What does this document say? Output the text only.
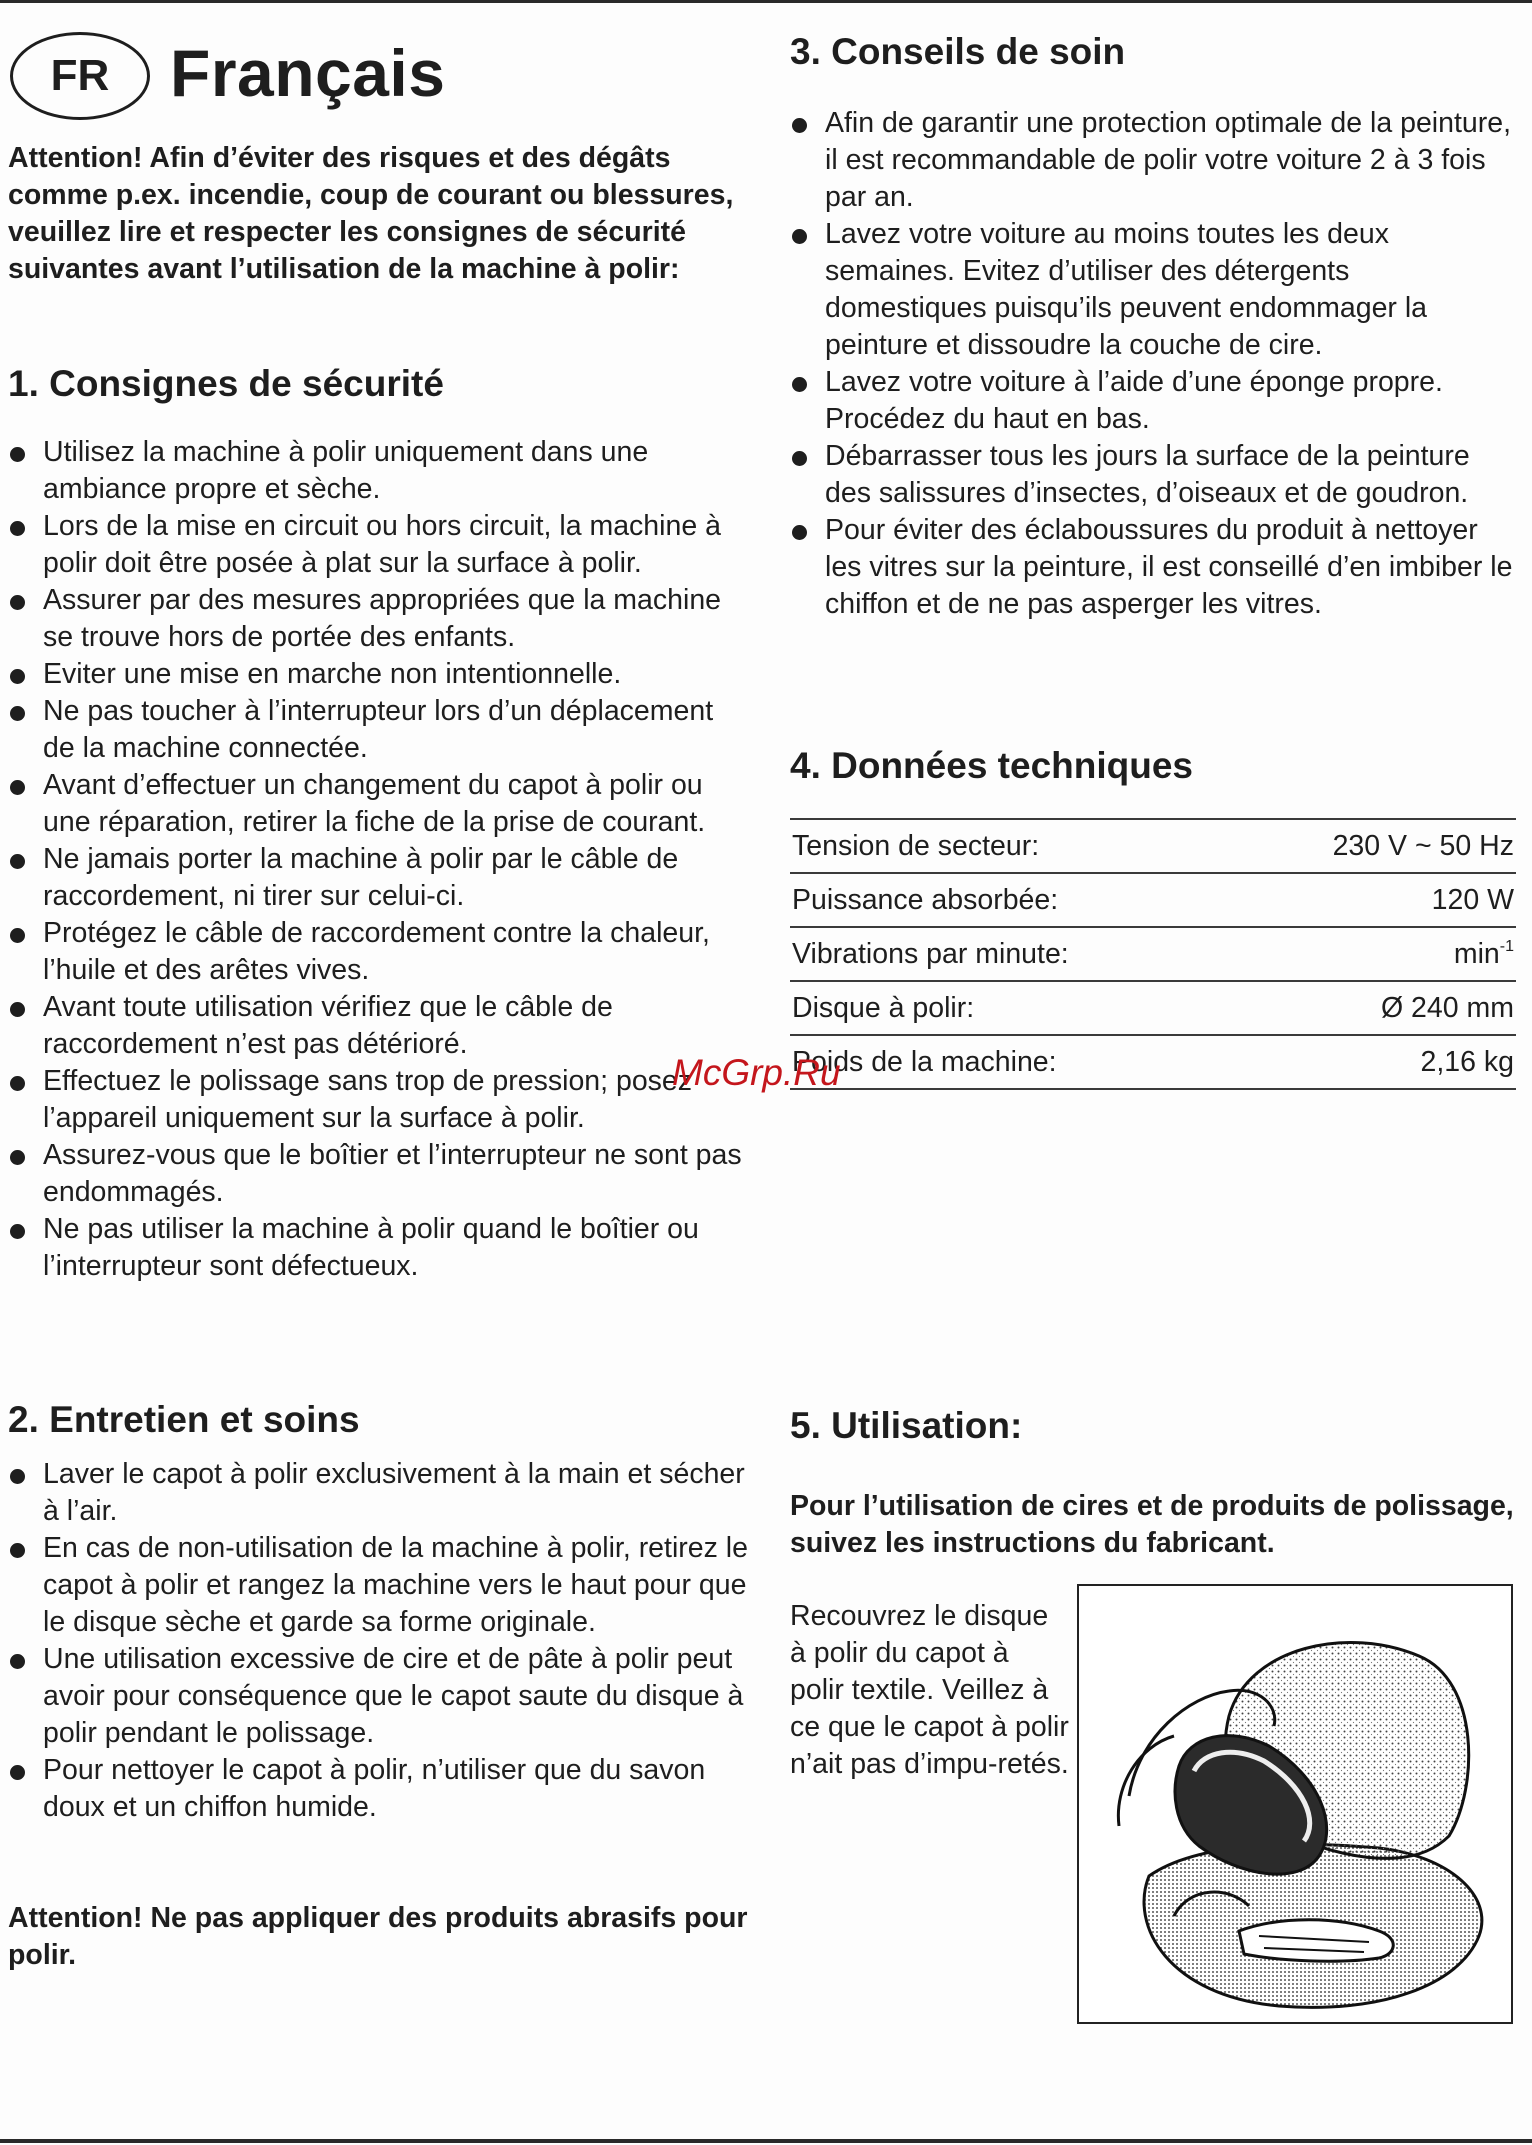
FR Français
Attention! Afin d’éviter des risques et des dégâts comme p.ex. incendie, coup de courant ou blessures, veuillez lire et respecter les consignes de sécurité suivantes avant l’utilisation de la machine à polir:
1. Consignes de sécurité
Utilisez la machine à polir uniquement dans une ambiance propre et sèche.
Lors de la mise en circuit ou hors circuit, la machine à polir doit être posée à plat sur la surface à polir.
Assurer par des mesures appropriées que la machine se trouve hors de portée des enfants.
Eviter une mise en marche non intentionnelle.
Ne pas toucher à l’interrupteur lors d’un déplacement de la machine connectée.
Avant d’effectuer un changement du capot à polir ou une réparation, retirer la fiche de la prise de courant.
Ne jamais porter la machine à polir par le câble de raccordement, ni tirer sur celui-ci.
Protégez le câble de raccordement contre la chaleur, l’huile et des arêtes vives.
Avant toute utilisation vérifiez que le câble de raccordement n’est pas détérioré.
Effectuez le polissage sans trop de pression; posez l’appareil uniquement sur la surface à polir.
Assurez-vous que le boîtier et l’interrupteur ne sont pas endommagés.
Ne pas utiliser la machine à polir quand le boîtier ou l’interrupteur sont défectueux.
2. Entretien et soins
Laver le capot à polir exclusivement à la main et sécher à l’air.
En cas de non-utilisation de la machine à polir, retirez le capot à polir et rangez la machine vers le haut pour que le disque sèche et garde sa forme originale.
Une utilisation excessive de cire et de pâte à polir peut avoir pour conséquence que le capot saute du disque à polir pendant le polissage.
Pour nettoyer le capot à polir, n’utiliser que du savon doux et un chiffon humide.
Attention! Ne pas appliquer des produits abrasifs pour polir.
3. Conseils de soin
Afin de garantir une protection optimale de la peinture, il est recommandable de polir votre voiture 2 à 3 fois par an.
Lavez votre voiture au moins toutes les deux semaines. Evitez d’utiliser des détergents domestiques puisqu’ils peuvent endommager la peinture et dissoudre la couche de cire.
Lavez votre voiture à l’aide d’une éponge propre. Procédez du haut en bas.
Débarrasser tous les jours la surface de la peinture des salissures d’insectes, d’oiseaux et de goudron.
Pour éviter des éclaboussures du produit à nettoyer les vitres sur la peinture, il est conseillé d’en imbiber le chiffon et de ne pas asperger les vitres.
4. Données techniques
Tension de secteur:	230 V ~ 50 Hz
Puissance absorbée:	120 W
Vibrations par minute:	$\min^{-1}$
Disque à polir:	Ø 240 mm
Poids de la machine:	2,16 kg
5. Utilisation:
Pour l’utilisation de cires et de produits de polissage, suivez les instructions du fabricant.
Recouvrez le disque à polir du capot à polir textile. Veillez à ce que le capot à polir n’ait pas d’impu-retés.
McGrp.Ru
